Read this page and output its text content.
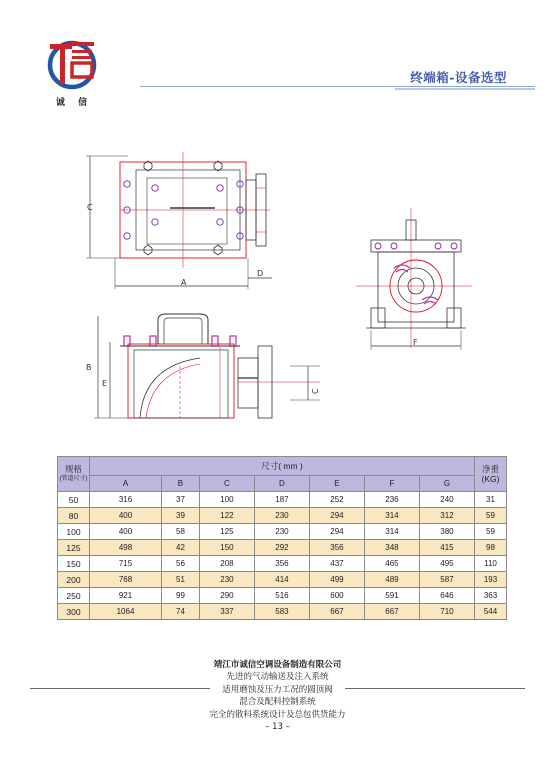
诚 信
终端箱-设备选型
C
A
D
F
B
E
C
规格
(管道尺寸)	尺寸( mm )							净重
(KG)

	A	B	C	D	E	F	G	
50	316	37	100	187	252	236	240	31
80	400	39	122	230	294	314	312	59
100	400	58	125	230	294	314	380	59
125	498	42	150	292	356	348	415	98
150	715	56	208	356	437	465	495	110
200	768	51	230	414	499	489	587	193
250	921	99	290	516	600	591	646	363
300	1064	74	337	583	667	667	710	544
靖江市诚信空调设备制造有限公司
先进的气动输送及注入系统
适用磨蚀及压力工况的圆顶阀
混合及配料控制系统
完全的散料系统设计及总包供货能力
– 13 –
